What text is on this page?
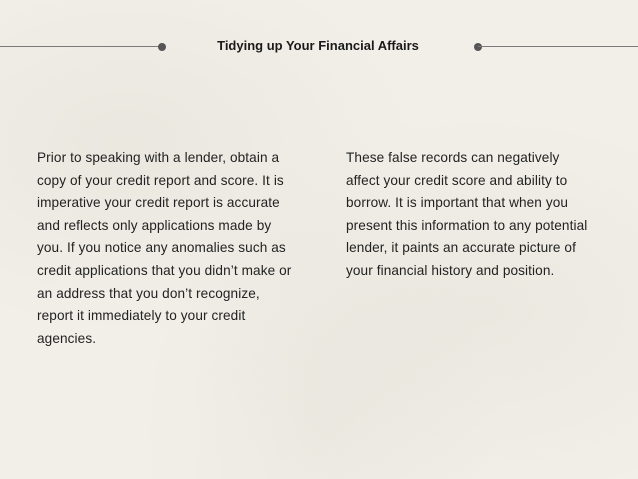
Tidying up Your Financial Affairs
Prior to speaking with a lender, obtain a copy of your credit report and score. It is imperative your credit report is accurate and reflects only applications made by you. If you notice any anomalies such as credit applications that you didn’t make or an address that you don’t recognize, report it immediately to your credit agencies.
These false records can negatively affect your credit score and ability to borrow. It is important that when you present this information to any potential lender, it paints an accurate picture of your financial history and position.
